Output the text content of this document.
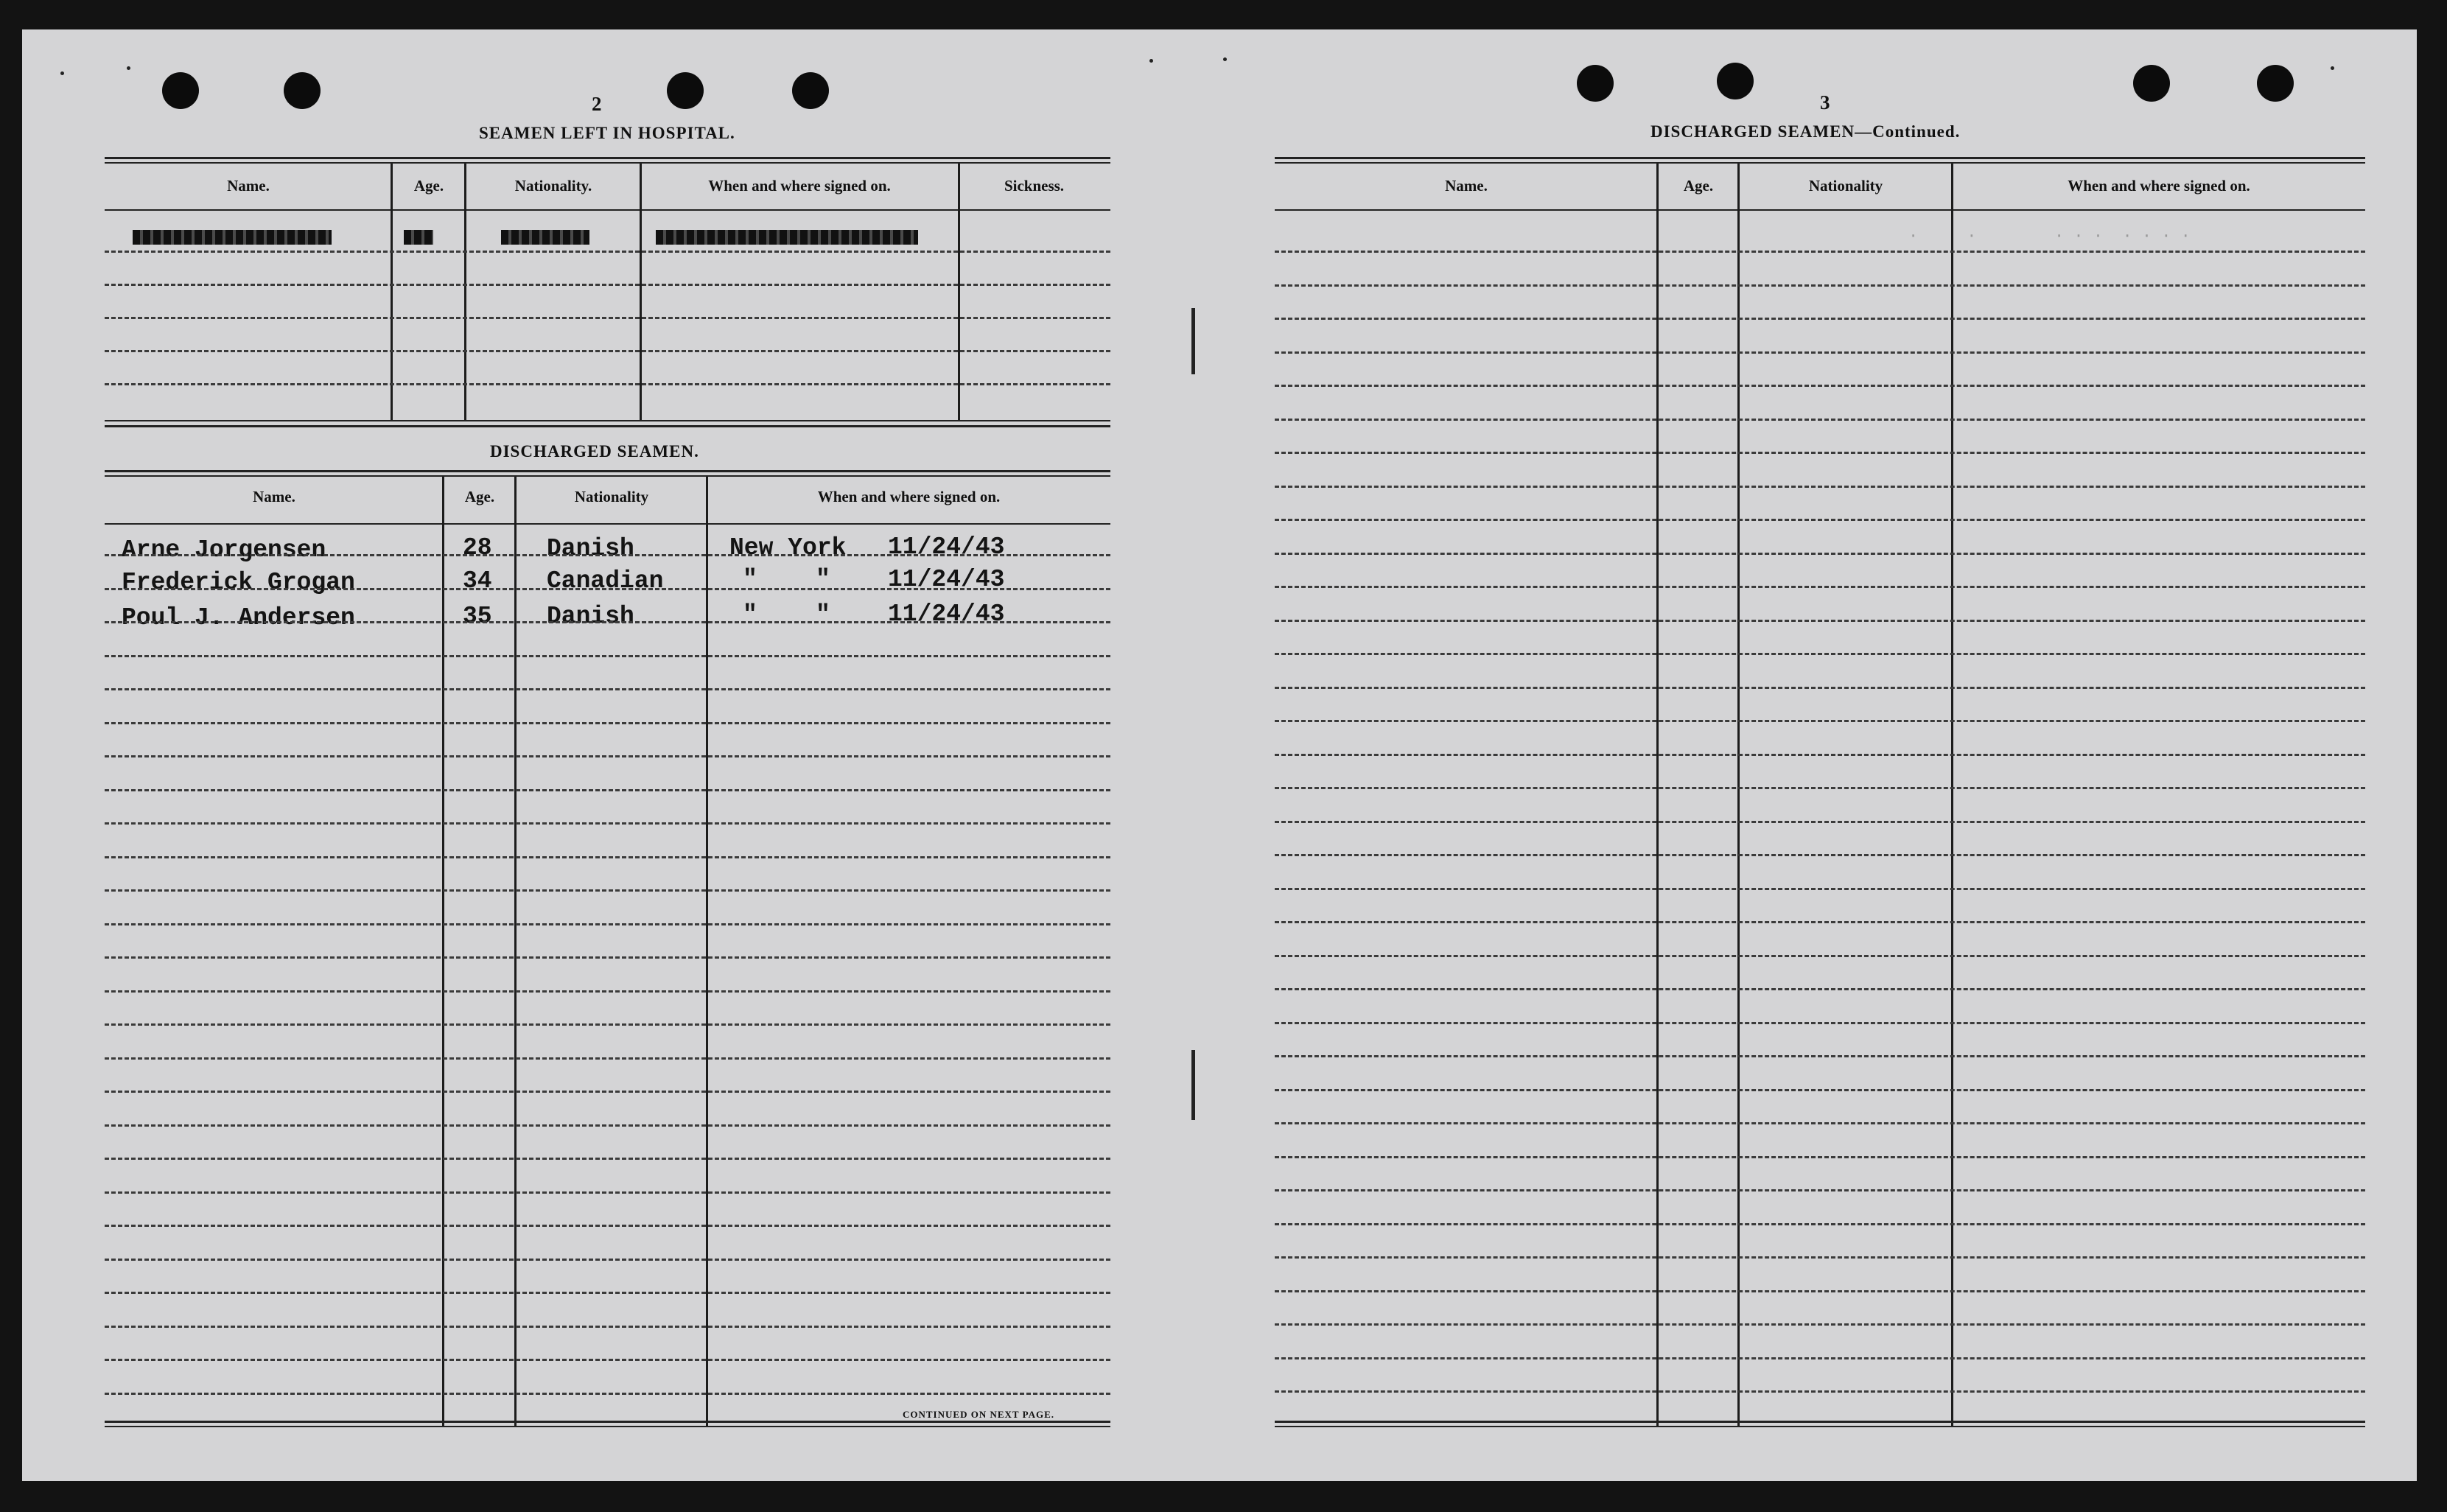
2
SEAMEN LEFT IN HOSPITAL.
Name.	Age.	Nationality.	When and where signed on.	Sickness.
DISCHARGED SEAMEN.
Name.	Age.	Nationality	When and where signed on.
Arne Jorgensen	28 Danish	New York 11/24/43
Frederick Grogan	34 Canadian	"    " 11/24/43
Poul J. Andersen	35 Danish	"    " 11/24/43
CONTINUED ON NEXT PAGE.
3
DISCHARGED SEAMEN—Continued.
Name.	Age.	Nationality	When and where signed on.
·     ·        · · ·  · · · ·
